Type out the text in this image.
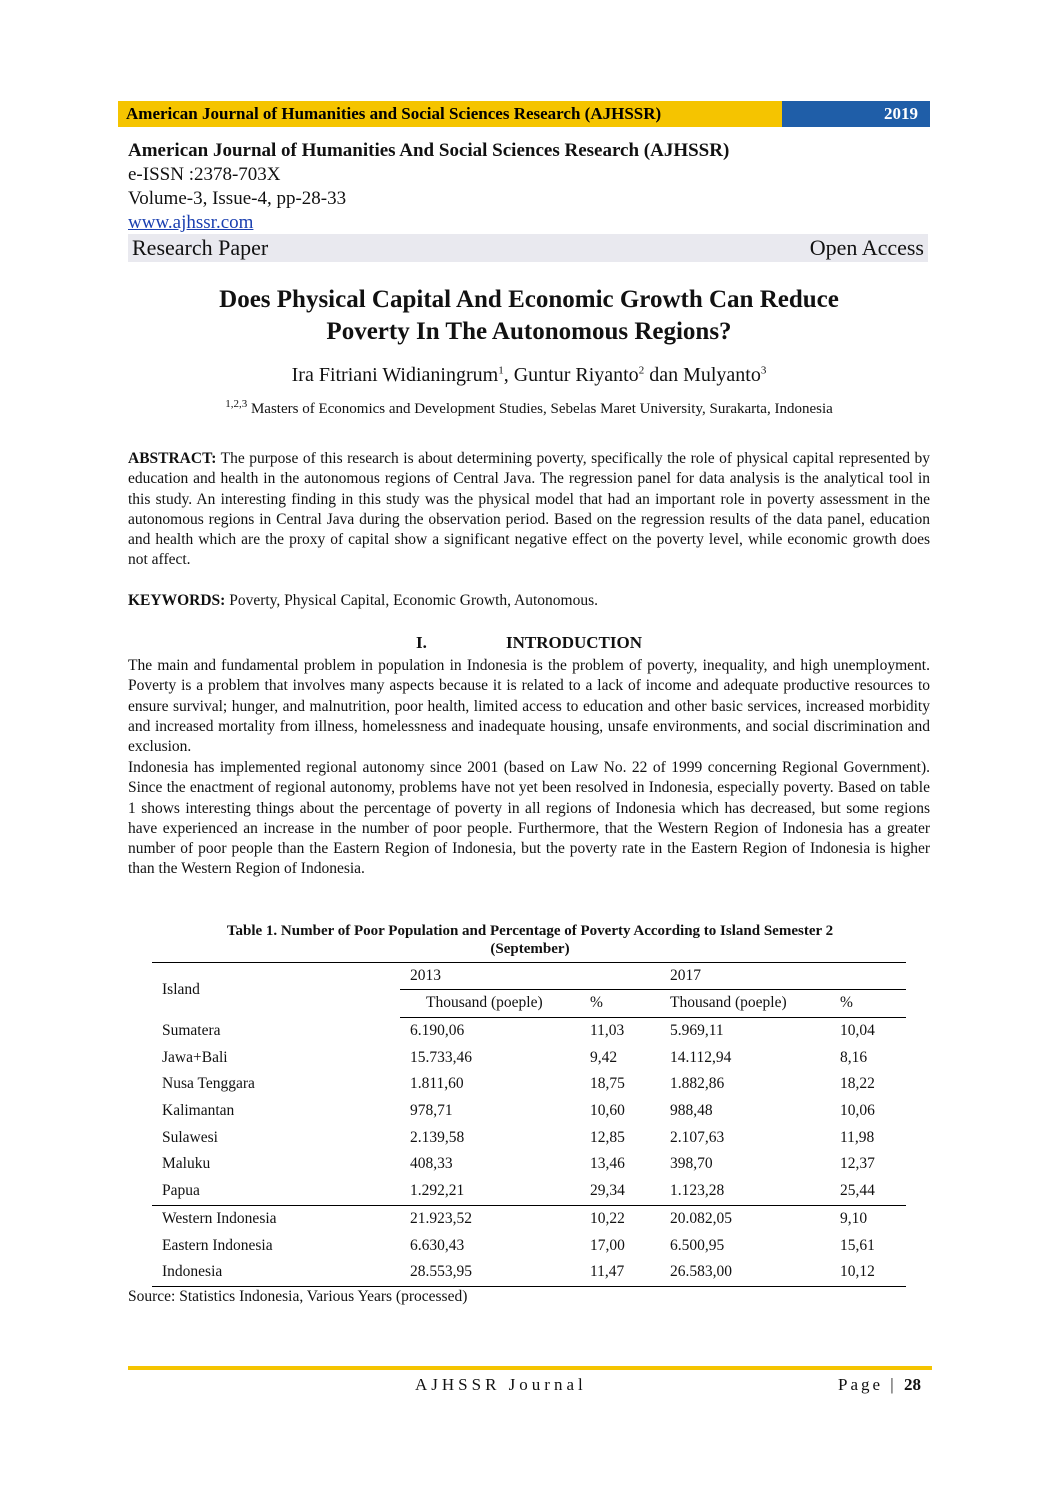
American Journal of Humanities and Social Sciences Research (AJHSSR)	2019
American Journal of Humanities And Social Sciences Research (AJHSSR)
e-ISSN :2378-703X
Volume-3, Issue-4, pp-28-33
www.ajhssr.com
Research Paper	Open Access
Does Physical Capital And Economic Growth Can Reduce
Poverty In The Autonomous Regions?
Ira Fitriani Widianingrum$^1$, Guntur Riyanto$^2$ dan Mulyanto$^3$
$^{1,2,3}$ Masters of Economics and Development Studies, Sebelas Maret University, Surakarta, Indonesia
ABSTRACT: The purpose of this research is about determining poverty, specifically the role of physical capital represented by education and health in the autonomous regions of Central Java. The regression panel for data analysis is the analytical tool in this study. An interesting finding in this study was the physical model that had an important role in poverty assessment in the autonomous regions in Central Java during the observation period. Based on the regression results of the data panel, education and health which are the proxy of capital show a significant negative effect on the poverty level, while economic growth does not affect.
KEYWORDS: Poverty, Physical Capital, Economic Growth, Autonomous.
I.	INTRODUCTION
The main and fundamental problem in population in Indonesia is the problem of poverty, inequality, and high unemployment. Poverty is a problem that involves many aspects because it is related to a lack of income and adequate productive resources to ensure survival; hunger, and malnutrition, poor health, limited access to education and other basic services, increased morbidity and increased mortality from illness, homelessness and inadequate housing, unsafe environments, and social discrimination and exclusion.
Indonesia has implemented regional autonomy since 2001 (based on Law No. 22 of 1999 concerning Regional Government). Since the enactment of regional autonomy, problems have not yet been resolved in Indonesia, especially poverty. Based on table 1 shows interesting things about the percentage of poverty in all regions of Indonesia which has decreased, but some regions have experienced an increase in the number of poor people. Furthermore, that the Western Region of Indonesia has a greater number of poor people than the Eastern Region of Indonesia, but the poverty rate in the Eastern Region of Indonesia is higher than the Western Region of Indonesia.
Table 1. Number of Poor Population and Percentage of Poverty According to Island Semester 2
(September)
Island	2013		2017	
	Thousand (poeple)	%	Thousand (poeple)	%
Sumatera	6.190,06	11,03	5.969,11	10,04
Jawa+Bali	15.733,46	9,42	14.112,94	8,16
Nusa Tenggara	1.811,60	18,75	1.882,86	18,22
Kalimantan	978,71	10,60	988,48	10,06
Sulawesi	2.139,58	12,85	2.107,63	11,98
Maluku	408,33	13,46	398,70	12,37
Papua	1.292,21	29,34	1.123,28	25,44
Western Indonesia	21.923,52	10,22	20.082,05	9,10
Eastern Indonesia	6.630,43	17,00	6.500,95	15,61
Indonesia	28.553,95	11,47	26.583,00	10,12
Source: Statistics Indonesia, Various Years (processed)
AJHSSR Journal	Page | 28
